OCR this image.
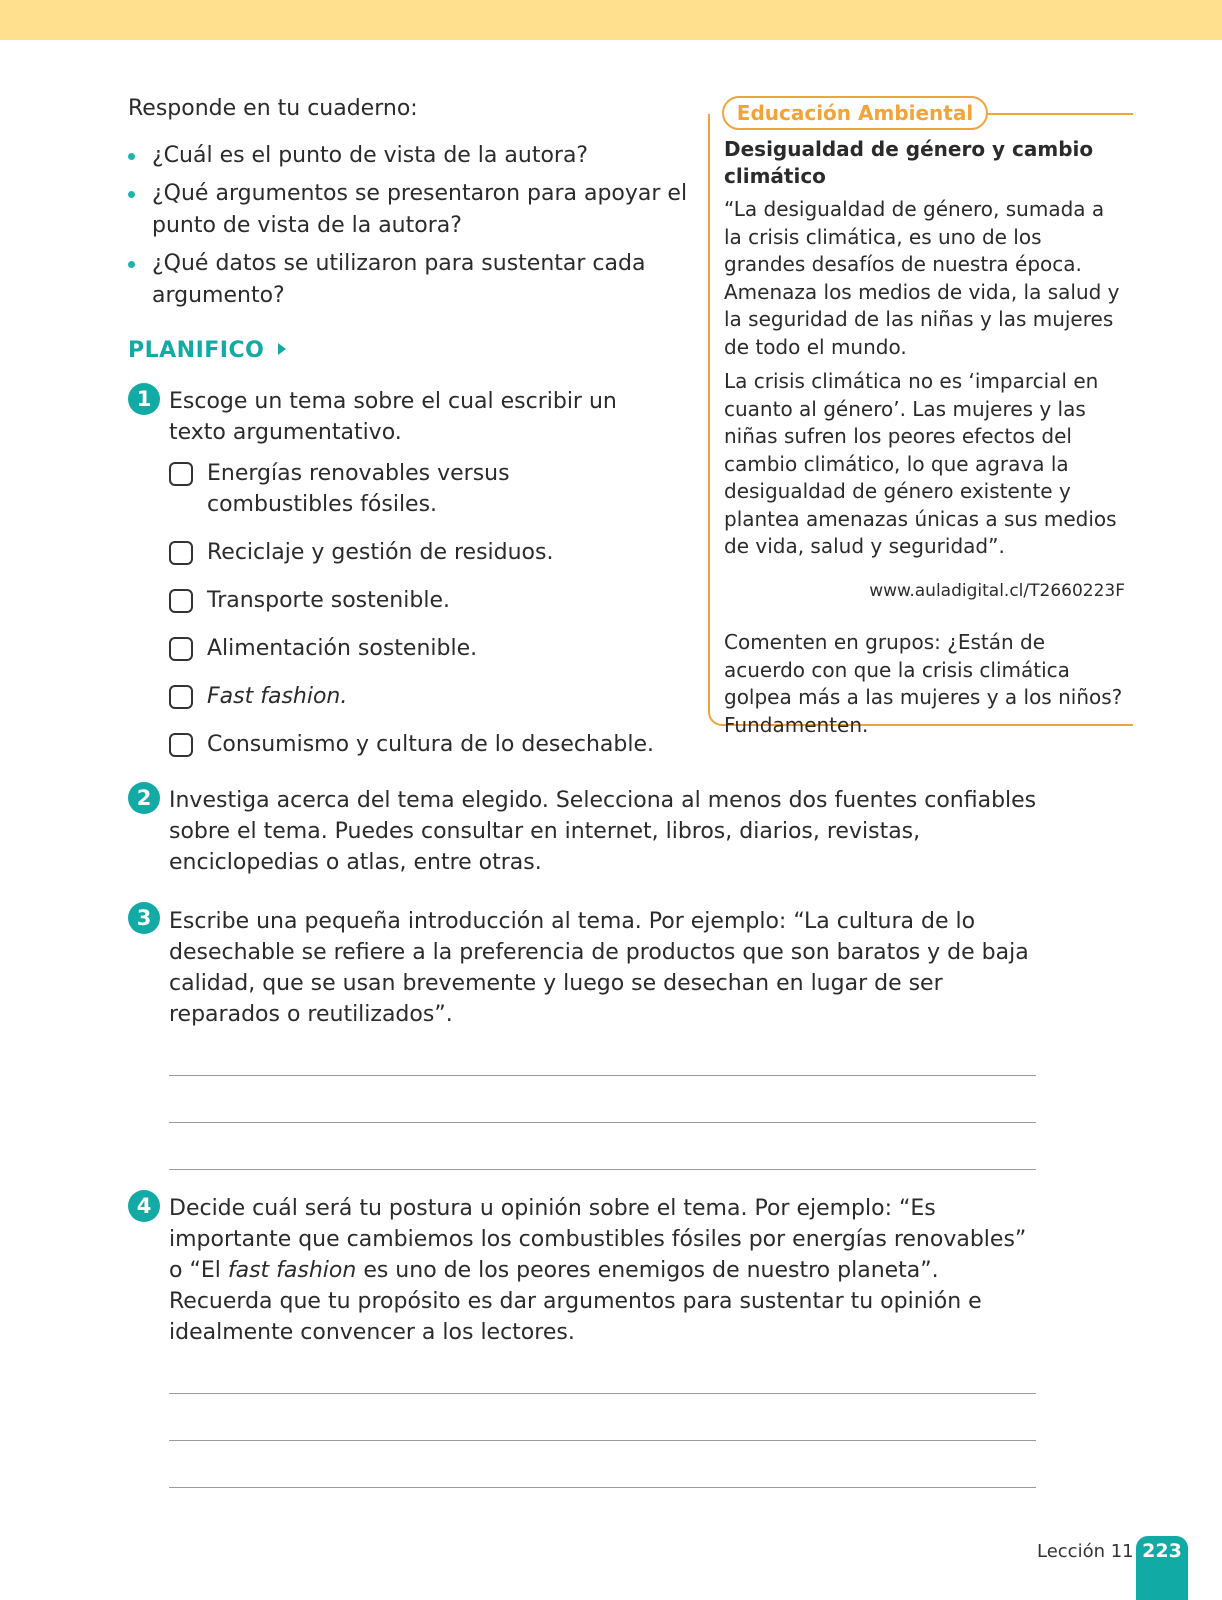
Responde en tu cuaderno:
¿Cuál es el punto de vista de la autora?
¿Qué argumentos se presentaron para apoyar el punto de vista de la autora?
¿Qué datos se utilizaron para sustentar cada argumento?
PLANIFICO
1 Escoge un tema sobre el cual escribir un texto argumentativo.
Energías renovables versus combustibles fósiles.
Reciclaje y gestión de residuos.
Transporte sostenible.
Alimentación sostenible.
Fast fashion.
Consumismo y cultura de lo desechable.
2 Investiga acerca del tema elegido. Selecciona al menos dos fuentes confiables sobre el tema. Puedes consultar en internet, libros, diarios, revistas, enciclopedias o atlas, entre otras.
3 Escribe una pequeña introducción al tema. Por ejemplo: “La cultura de lo desechable se refiere a la preferencia de productos que son baratos y de baja calidad, que se usan brevemente y luego se desechan en lugar de ser reparados o reutilizados”.
4 Decide cuál será tu postura u opinión sobre el tema. Por ejemplo: “Es importante que cambiemos los combustibles fósiles por energías renovables” o “El fast fashion es uno de los peores enemigos de nuestro planeta”. Recuerda que tu propósito es dar argumentos para sustentar tu opinión e idealmente convencer a los lectores.
Educación Ambiental
Desigualdad de género y cambio climático
“La desigualdad de género, sumada a la crisis climática, es uno de los grandes desafíos de nuestra época. Amenaza los medios de vida, la salud y la seguridad de las niñas y las mujeres de todo el mundo.
La crisis climática no es ‘imparcial en cuanto al género’. Las mujeres y las niñas sufren los peores efectos del cambio climático, lo que agrava la desigualdad de género existente y plantea amenazas únicas a sus medios de vida, salud y seguridad”.
www.auladigital.cl/T2660223F
Comenten en grupos: ¿Están de acuerdo con que la crisis climática golpea más a las mujeres y a los niños? Fundamenten.
Lección 11 223
